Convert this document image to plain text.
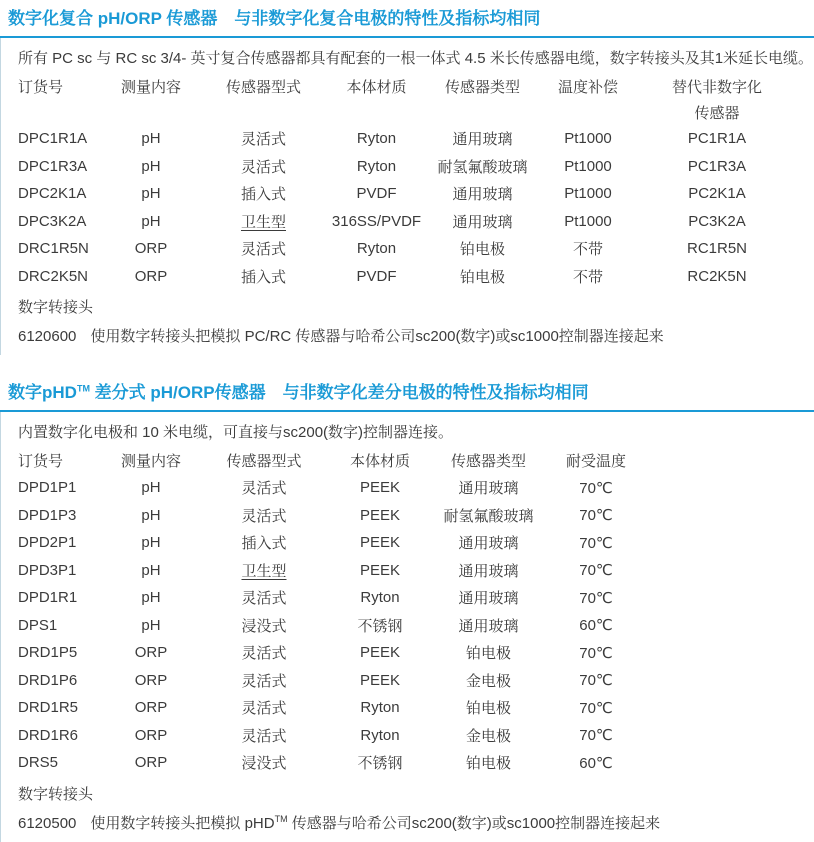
数字化复合 pH/ORP 传感器　与非数字化复合电极的特性及指标均相同

所有 PC sc 与 RC sc 3/4- 英寸复合传感器都具有配套的一根一体式 4.5 米长传感器电缆，数字转接头及其1米延长电缆。

订货号	测量内容	传感器型式	本体材质	传感器类型	温度补偿	替代非数字化
						传感器
DPC1R1A	pH	灵活式	Ryton	通用玻璃	Pt1000	PC1R1A
DPC1R3A	pH	灵活式	Ryton	耐氢氟酸玻璃	Pt1000	PC1R3A
DPC2K1A	pH	插入式	PVDF	通用玻璃	Pt1000	PC2K1A
DPC3K2A	pH	卫生型	316SS/PVDF	通用玻璃	Pt1000	PC3K2A
DRC1R5N	ORP	灵活式	Ryton	铂电极	不带	RC1R5N
DRC2K5N	ORP	插入式	PVDF	铂电极	不带	RC2K5N

数字转接头

6120600 使用数字转接头把模拟 PC/RC 传感器与哈希公司sc200(数字)或sc1000控制器连接起来

数字pHD™ 差分式 pH/ORP传感器　与非数字化差分电极的特性及指标均相同

内置数字化电极和 10 米电缆，可直接与sc200(数字)控制器连接。

订货号	测量内容	传感器型式	本体材质	传感器类型	耐受温度
DPD1P1	pH	灵活式	PEEK	通用玻璃	70℃
DPD1P3	pH	灵活式	PEEK	耐氢氟酸玻璃	70℃
DPD2P1	pH	插入式	PEEK	通用玻璃	70℃
DPD3P1	pH	卫生型	PEEK	通用玻璃	70℃
DPD1R1	pH	灵活式	Ryton	通用玻璃	70℃
DPS1	pH	浸没式	不锈钢	通用玻璃	60℃
DRD1P5	ORP	灵活式	PEEK	铂电极	70℃
DRD1P6	ORP	灵活式	PEEK	金电极	70℃
DRD1R5	ORP	灵活式	Ryton	铂电极	70℃
DRD1R6	ORP	灵活式	Ryton	金电极	70℃
DRS5	ORP	浸没式	不锈钢	铂电极	60℃

数字转接头

6120500 使用数字转接头把模拟 pHD™ 传感器与哈希公司sc200(数字)或sc1000控制器连接起来
